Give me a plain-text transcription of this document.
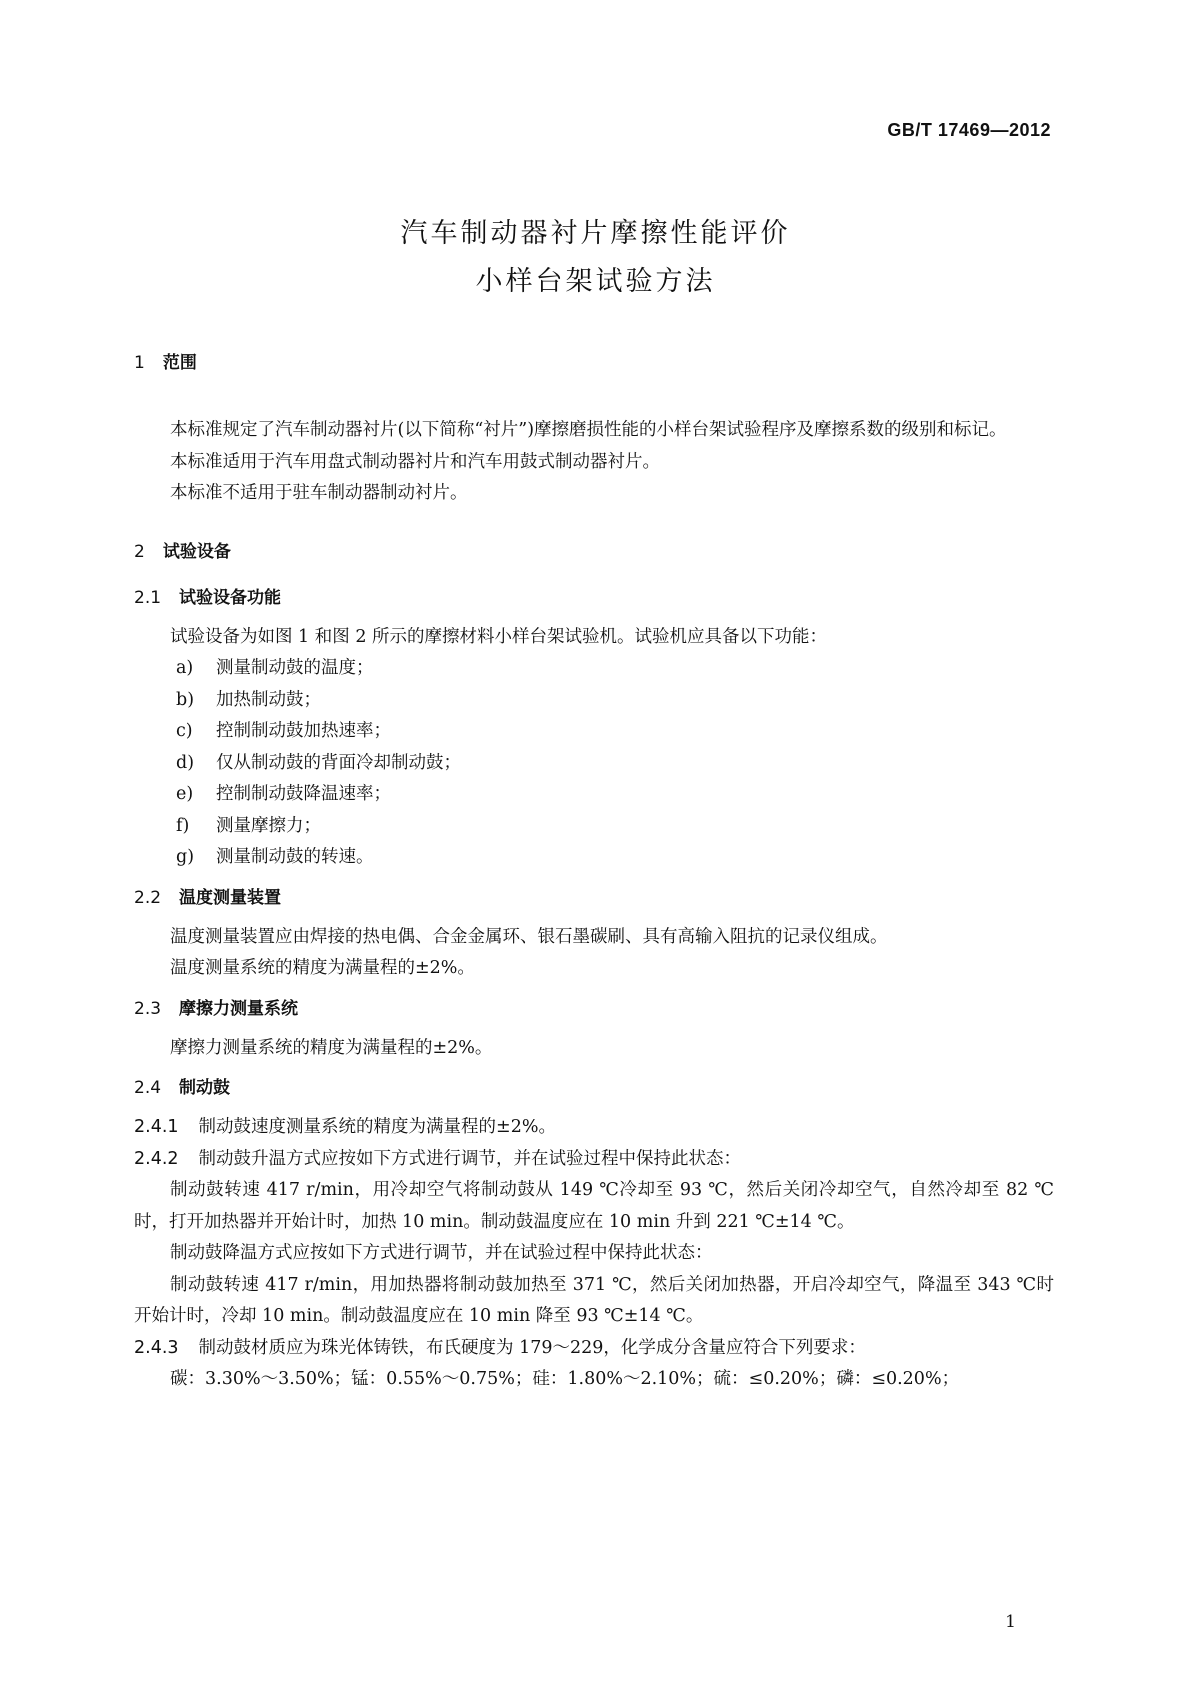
GB/T 17469—2012
汽车制动器衬片摩擦性能评价
小样台架试验方法
1 范围

本标准规定了汽车制动器衬片(以下简称“衬片”)摩擦磨损性能的小样台架试验程序及摩擦系数的级别和标记。

本标准适用于汽车用盘式制动器衬片和汽车用鼓式制动器衬片。

本标准不适用于驻车制动器制动衬片。

2 试验设备
2.1 试验设备功能

试验设备为如图 1 和图 2 所示的摩擦材料小样台架试验机。试验机应具备以下功能：

a) 测量制动鼓的温度；
b) 加热制动鼓；
c) 控制制动鼓加热速率；
d) 仅从制动鼓的背面冷却制动鼓；
e) 控制制动鼓降温速率；
f) 测量摩擦力；
g) 测量制动鼓的转速。
2.2 温度测量装置

温度测量装置应由焊接的热电偶、合金金属环、银石墨碳刷、具有高输入阻抗的记录仪组成。

温度测量系统的精度为满量程的±2%。

2.3 摩擦力测量系统

摩擦力测量系统的精度为满量程的±2%。

2.4 制动鼓

2.4.1 制动鼓速度测量系统的精度为满量程的±2%。

2.4.2 制动鼓升温方式应按如下方式进行调节，并在试验过程中保持此状态：

制动鼓转速 417 r/min，用冷却空气将制动鼓从 149 ℃冷却至 93 ℃，然后关闭冷却空气，自然冷却至 82 ℃时，打开加热器并开始计时，加热 10 min。制动鼓温度应在 10 min 升到 221 ℃±14 ℃。

制动鼓降温方式应按如下方式进行调节，并在试验过程中保持此状态：

制动鼓转速 417 r/min，用加热器将制动鼓加热至 371 ℃，然后关闭加热器，开启冷却空气，降温至 343 ℃时开始计时，冷却 10 min。制动鼓温度应在 10 min 降至 93 ℃±14 ℃。

2.4.3 制动鼓材质应为珠光体铸铁，布氏硬度为 179～229，化学成分含量应符合下列要求：

碳：3.30%～3.50%；锰：0.55%～0.75%；硅：1.80%～2.10%；硫：≤0.20%；磷：≤0.20%；

1
